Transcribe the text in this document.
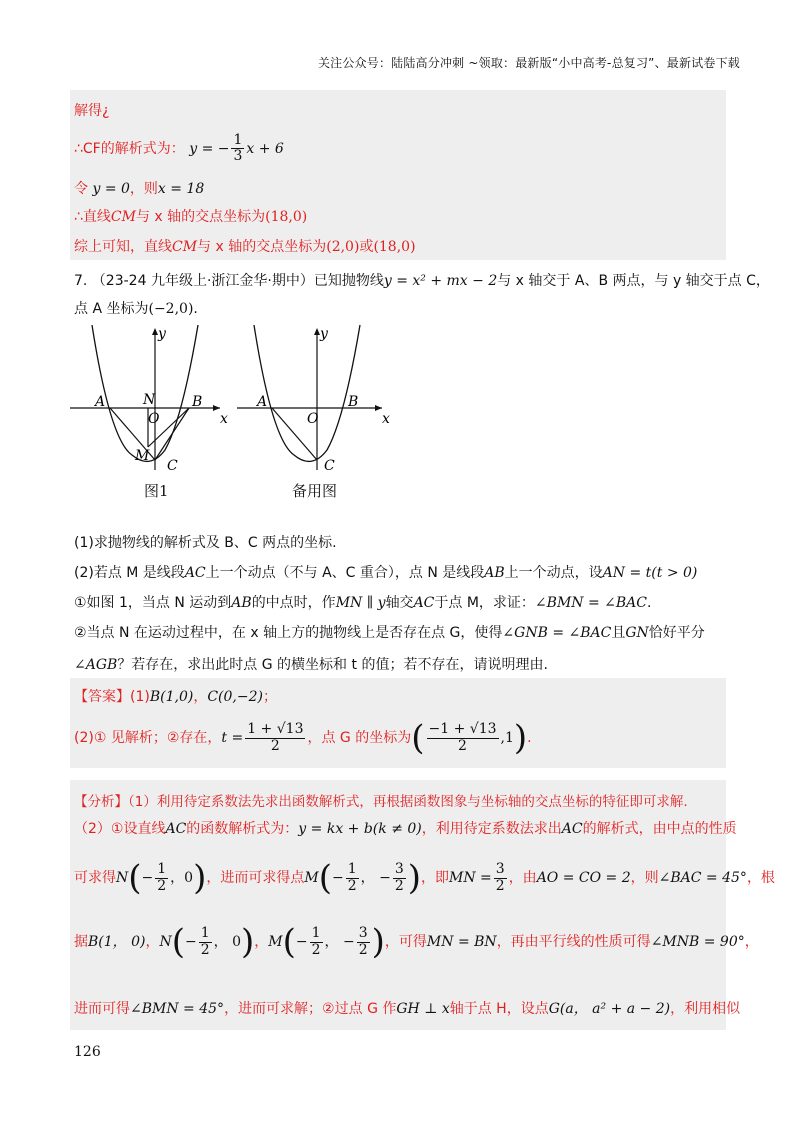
关注公众号：陆陆高分冲刺 ~领取：最新版“小中高考-总复习”、最新试卷下载
解得¿
∴CF的解析式为： y = − $\frac{1}{3}$ x + 6
令 y = 0，则x = 18
∴直线CM与 x 轴的交点坐标为(18,0)
综上可知，直线CM与 x 轴的交点坐标为(2,0)或(18,0)
7. （23-24 九年级上·浙江金华·期中）已知抛物线y = x² + mx − 2与 x 轴交于 A、B 两点，与 y 轴交于点 C，
点 A 坐标为(−2,0).
y
x
A	B
N
O
M
C
图1
y
x
A	B
O
C
备用图
(1)求抛物线的解析式及 B、C 两点的坐标.
(2)若点 M 是线段AC上一个动点（不与 A、C 重合），点 N 是线段AB上一个动点，设AN = t(t > 0)
①如图 1，当点 N 运动到AB的中点时，作MN ∥ y轴交AC于点 M，求证：∠BMN = ∠BAC.
②当点 N 在运动过程中，在 x 轴上方的抛物线上是否存在点 G，使得∠GNB = ∠BAC且GN恰好平分
∠AGB？若存在，求出此时点 G 的横坐标和 t 的值；若不存在，请说明理由.
【答案】(1)B(1,0)，C(0,−2)；
(2)① 见解析；②存在，$t = \frac{1 + √13}{2}$ ，点 G 的坐标为( $\frac{-1 + √13}{2} ,1$).
【分析】（1）利用待定系数法先求出函数解析式，再根据函数图象与坐标轴的交点坐标的特征即可求解.
（2）①设直线AC的函数解析式为：y = kx + b(k ≠ 0)，利用待定系数法求出AC的解析式，由中点的性质
可求得$N(- \frac{1}{2}$ ，0)，进而可求得点$M(- \frac{1}{2}$ ， − $\frac{3}{2}$ )，即MN = $\frac{3}{2}$ ，由AO = CO = 2，则∠BAC = 45°，根
据B(1， 0)，$N(- \frac{1}{2}$ ， 0)，$M(- \frac{1}{2}$ ， − $\frac{3}{2}$ )，可得MN = BN，再由平行线的性质可得∠MNB = 90°，
进而可得∠BMN = 45°，进而可求解；②过点 G 作GH ⊥ x轴于点 H，设点G(a， a² + a − 2)，利用相似
126
